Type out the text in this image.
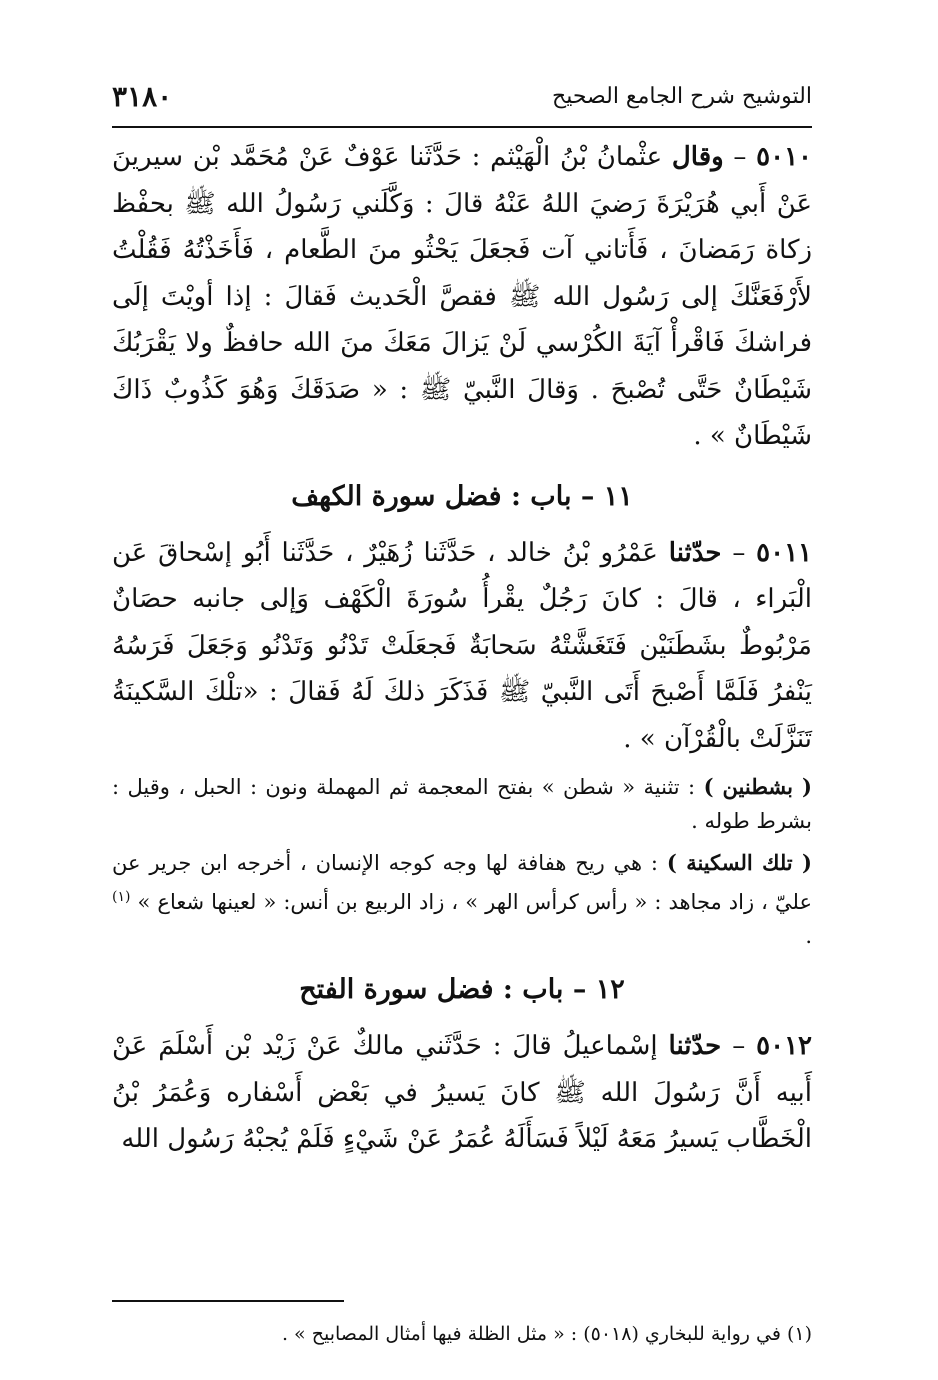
٣١٨٠	التوشيح شرح الجامع الصحيح

٥٠١٠ – وقال عثْمانُ بْنُ الْهَيْثم : حَدَّثَنا عَوْفٌ عَنْ مُحَمَّد بْن سيرينَ عَنْ أَبي هُرَيْرَةَ رَضيَ اللهُ عَنْهُ قالَ : وَكَّلَني رَسُولُ الله ﷺ بحفْظ زكاة رَمَضانَ ، فَأَتاني آت فَجعَلَ يَحْثُو منَ الطَّعام ، فَأَخَذْتُهُ فَقُلْتُ لأَرْفَعَنَّكَ إلى رَسُول الله ﷺ فقصَّ الْحَديث فَقالَ : إذا أويْتَ إلَى فراشكَ فَاقْرأْ آيَةَ الكُرْسي لَنْ يَزالَ مَعَكَ منَ الله حافظٌ ولا يَقْرَبُكَ شَيْطَانٌ حَتَّى تُصْبحَ . وَقالَ النَّبيّ ﷺ : « صَدَقَكَ وَهُوَ كَذُوبٌ ذَاكَ شَيْطَانٌ » .

١١ – باب : فضل سورة الكهف

٥٠١١ – حدّثنا عَمْرُو بْنُ خالد ، حَدَّثَنا زُهَيْرٌ ، حَدَّثَنا أَبُو إسْحاقَ عَن الْبَراء ، قالَ : كانَ رَجُلٌ يقْرأُ سُورَةَ الْكَهْف وَإلى جانبه حصَانٌ مَرْبُوطٌ بشَطَنَيْن فَتَغَشَّتْهُ سَحابَةٌ فَجعَلَتْ تَدْنُو وَتَدْنُو وَجَعَلَ فَرَسُهُ يَنْفرُ فَلَمَّا أَصْبحَ أَتَى النَّبيّ ﷺ فَذَكَرَ ذلكَ لَهُ فَقالَ : «تلْكَ السَّكينَةُ تَنَزَّلَتْ بالْقُرْآن » .

( بشطنين ) : تثنية « شطن » بفتح المعجمة ثم المهملة ونون : الحبل ، وقيل : بشرط طوله .

( تلك السكينة ) : هي ريح هفافة لها وجه كوجه الإنسان ، أخرجه ابن جرير عن عليّ ، زاد مجاهد : « رأس كرأس الهر » ، زاد الربيع بن أنس: « لعينها شعاع » $^{(١)}$ .

١٢ – باب : فضل سورة الفتح

٥٠١٢ – حدّثنا إسْماعيلُ قالَ : حَدَّثَني مالكٌ عَنْ زَيْد بْن أَسْلَمَ عَنْ أَبيه أَنَّ رَسُولَ الله ﷺ كانَ يَسيرُ في بَعْض أَسْفاره وَعُمَرُ بْنُ الْخَطَّاب يَسيرُ مَعَهُ لَيْلاً فَسَأَلَهُ عُمَرُ عَنْ شَيْءٍ فَلَمْ يُجبْهُ رَسُول الله

(١) في رواية للبخاري (٥٠١٨) : « مثل الظلة فيها أمثال المصابيح » .
